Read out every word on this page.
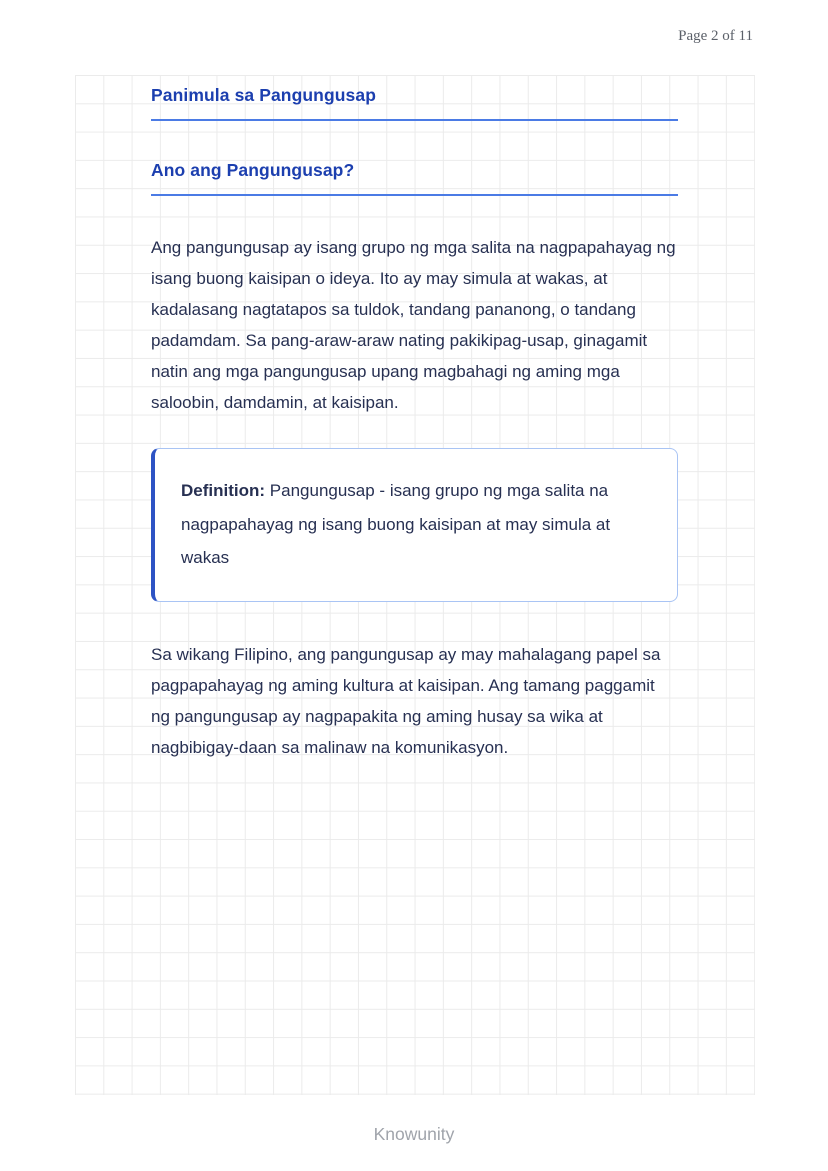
Page 2 of 11
Panimula sa Pangungusap
Ano ang Pangungusap?

Ang pangungusap ay isang grupo ng mga salita na nagpapahayag ng isang buong kaisipan o ideya. Ito ay may simula at wakas, at kadalasang nagtatapos sa tuldok, tandang pananong, o tandang padamdam. Sa pang-araw-araw nating pakikipag-usap, ginagamit natin ang mga pangungusap upang magbahagi ng aming mga saloobin, damdamin, at kaisipan.

Definition: Pangungusap - isang grupo ng mga salita na nagpapahayag ng isang buong kaisipan at may simula at wakas

Sa wikang Filipino, ang pangungusap ay may mahalagang papel sa pagpapahayag ng aming kultura at kaisipan. Ang tamang paggamit ng pangungusap ay nagpapakita ng aming husay sa wika at nagbibigay-daan sa malinaw na komunikasyon.

Knowunity
